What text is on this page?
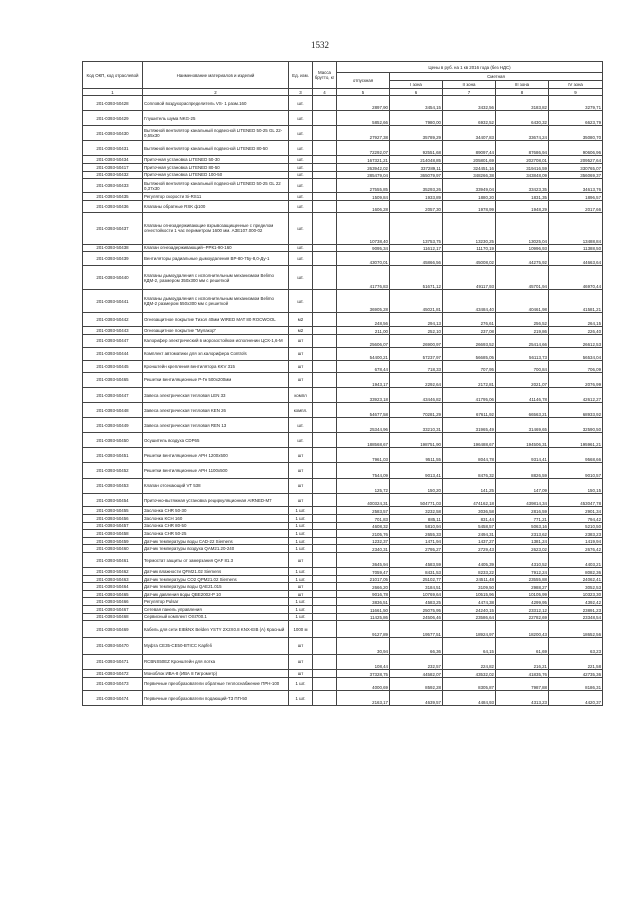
1532
Код ОКП, код отраслевой	Наименование материалов и изделий	Ед. изм.	Масса брутто, кг	Цены в руб. на 1 кв 2016 года (без НДС)				
				отпускная	Сметная			
					I зона	II зона	III зона	IV зона
1	2	3	4	5	6	7	8	9
201-0393-50428	Сопловой воздухораспределитель VS- 1 разм.160	шт.		2897,90	3454,15	3432,56	3183,82	3279,71
201-0393-50429	Глушитель шума NKG-25	шт.		5852,66	7980,00	6932,52	6430,32	6623,79
201-0393-50430	Вытяжной вентилятор канальный подвесной LITENED 50-25 GL 22-0,55x30	шт.		27927,38	35789,29	34407,83	33674,24	35080,70
201-0393-50431	Вытяжной вентилятор канальный подвесной LITENED 80-50	шт.		72292,07	92551,68	89097,44	87686,94	90606,96
201-0393-50434	Приточная установка LITENED 50-30	шт.		167321,21	214048,85	205801,69	202708,01	209527,64
201-0393-50417	Приточная установка LITENED 80-50	шт.		263942,02	337289,11	324451,16	319416,59	330765,07
201-0393-50432	Приточная установка LITENED 100-50	шт.		285479,04	365079,97	348266,38	343848,09	356069,37
201-0393-50433	Вытяжной вентилятор канальный подвесной LITENED 50-25 GL 22 0,37x30	шт.		27555,85	35293,26	33949,04	33423,35	34613,76
201-0393-50435	Регулятор скорости Si-RS11	шт.		1509,84	1933,89	1880,20	1831,35	1896,57
201-0393-50436	Клапаны обратные RSK ф100	шт.		1606,28	2057,30	1978,99	1948,29	2017,66
201-0393-50437	Клапаны огнезадерживающие взрывозащищенные с пределом огнестойкости 1 час периметром 1600 мм. АЗЕ107.000-02	шт.		10738,40	13753,75	13230,25	13025,04	13488,84
201-0393-50438	Клапан огнезадерживающий--РРК1-90-160	шт.		9095,34	11612,17	11170,19	10996,93	11388,50
201-0393-50439	Вентиляторы радиальные дымоудаления ВР-80-75у-8,0-Ду-1	шт.		43070,01	45866,56	45008,02	44275,92	44663,64
201-0393-50440	Клапаны дымоудаления с исполнительным механизмом Belimo КДМ-2, размером 350x300 мм с решеткой	шт.		41776,83	51671,12	49117,93	45701,94	46970,44
201-0393-50441	Клапаны дымоудаления с исполнительным механизмом Belimo КДМ-2 размером 550x300 мм с решеткой	шт.		36905,28	45021,81	43484,40	40461,98	41581,21
201-0393-50442	Огнезащитное покрытие Тизол 40мм WIRED MAT 80 ROCWOOL	м2		248,56	294,13	276,61	256,52	264,15
201-0393-50443	Огнезащитное покрытие "Мулакор"	м2		211,00	252,10	237,08	219,86	226,40
201-0393-50447	Калорифер электрический в морозостойком исполнении ЦСК-1,6-М	шт		25606,07	26900,97	26693,52	25414,66	26612,53
201-0393-50444	Комплект автоматики для эл.калорифера Controls	шт		54400,21	57237,97	56685,05	56113,73	56534,04
201-0393-50445	Кронштейн крепления вентилятора KKV 315	шт		678,44	718,33	707,95	700,84	706,09
201-0393-50465	Решетки вентиляционные Р-Гн 500х200мм	шт		1943,17	2292,64	2172,81	2021,07	2076,99
201-0393-50447	Завеса электрическая тепловая LEN 33	компл		33923,18	43446,82	41795,06	41146,78	42612,27
201-0393-50448	Завеса электрическая тепловая KEN 26	компл.		54677,58	70281,29	67611,92	66563,21	68933,92
201-0393-50449	Завеса электрическая тепловая REN 13	шт.		25344,96	33210,31	31965,49	31469,65	32590,50
201-0393-50450	Осушитель воздуха CDP65	шт.		188568,67	198751,90	196488,67	194506,31	195961,21
201-0393-50451	Решетки вентиляционные АРН 1200х500	шт		7961,03	9511,55	8044,78	9314,41	9568,66
201-0393-50452	Решетки вентиляционные АРН 1100х500	шт		7544,09	9013,41	8476,32	8826,59	9010,57
201-0393-50453	Клапан отсекающий VT 538	шт		125,72	150,20	141,25	147,09	150,15
201-0393-50454	Приточно-вытяжная установка рециркуляционная AIRNED-M7	шт		400324,31	504771,03	474162,18	439814,34	453047,78
201-0393-50455	Заслонка CHR 50-30	1 шт.		2583,57	3232,58	3036,58	2816,59	2901,34
201-0393-50456	Заслонка KCH 160	1 шт.		701,83	885,11	831,44	771,21	794,42
201-0393-50457	Заслонка CHR 80-50	1 шт.		4608,32	5810,94	5458,57	5063,16	5210,50
201-0393-50458	Заслонка CHR 50-25	1 шт.		2105,76	2655,33	2494,31	2313,62	2383,23
201-0393-50459	Датчик температуры воды CAD-22 Siemens	1 шт.		1232,37	1471,94	1437,27	1381,24	1419,94
201-0393-50460	Датчик температуры воздуха QAM21.20-240	1 шт.		2340,31	2795,27	2729,43	2623,02	2676,42
201-0393-50461	Термостат защиты от замерзания QAF 81.3	шт		3645,94	4583,59	4405,39	4310,52	4403,21
201-0393-50462	Датчик влажности QFM21.02 Siemens	1 шт.		7059,47	8431,53	8233,22	7912,24	8082,36
201-0393-50463	Датчик температуры СО2 QPM21.02 Siemens	1 шт.		21017,05	25102,77	24511,48	23555,88	24062,41
201-0393-50464	Датчик температуры воды QAE21.015	шт		2666,20	3184,51	3109,50	2988,27	3052,53
201-0393-50465	Датчик давления воды QBE2002-P 10	шт		9016,78	10769,64	10515,96	10105,99	10323,30
201-0393-50466	Регулятор Pulsar	1 шт.		3836,51	4583,25	4474,38	4299,95	4392,42
201-0393-50467	Сетевая панель управления	1 шт.		11661,50	25075,95	24240,15	23312,12	23891,23
201-0393-50468	Сервисный комплект OSI700.1	1 шт.		11425,86	24506,46	23586,64	22782,69	23348,54
201-0393-50469	Кабель для сети EIBkNX Belden YSTY 2X2X0.8 KNX-EIB (A) Красный	1000 м		9127,89	19577,51	18924,97	18200,43	18652,56
201-0393-50470	Муфта CE35-CE50-BTICC Kapfeli	шт		30,94	66,36	64,15	61,69	63,23
201-0393-50471	RCBNS50EZ Кронштейн для лотка	шт		108,44	232,57	224,82	216,21	221,58
201-0393-50472	Моноблок ИВА-8 (ИВА 8 Гигрометр)	шт		37328,75	44582,07	43532,02	41835,76	42735,36
201-0393-50473	Первичные преобразователи обратные теплоснабжение ПРН-100	1 шт.		4000,69	8592,28	8305,87	7987,88	8186,31
201-0393-50474	Первичные преобразователи подающий-ТЗ ПП-50	1 шт.		2163,17	4639,57	4484,93	4313,23	4420,37
